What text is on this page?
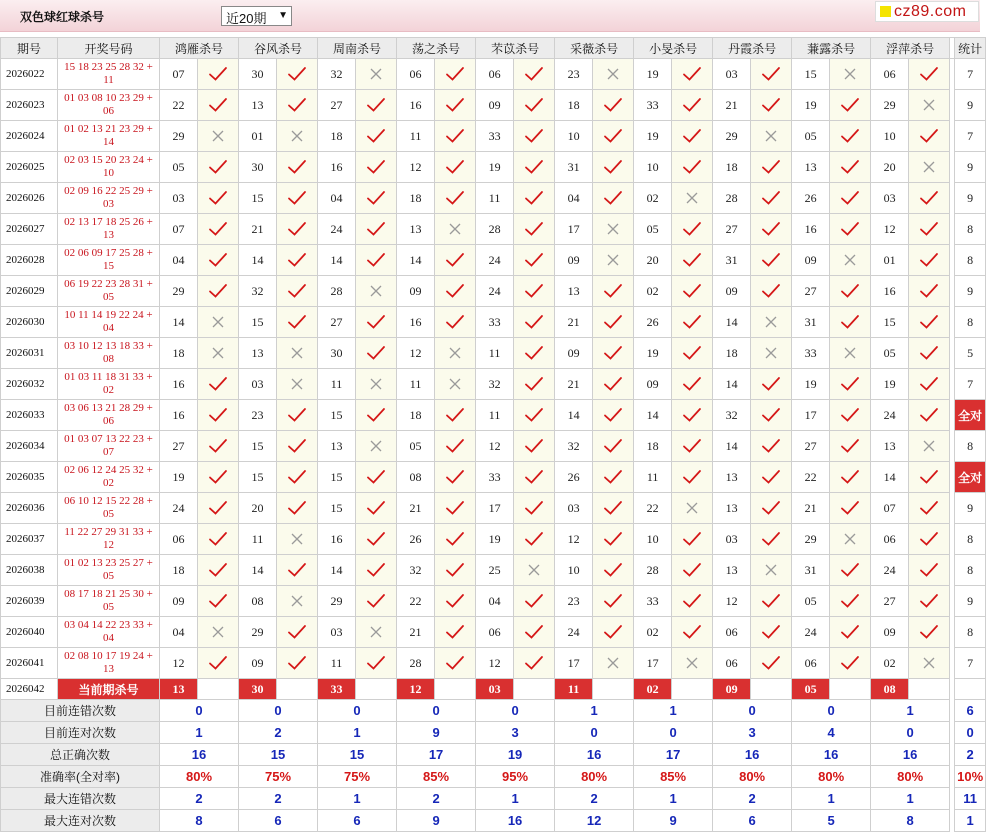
双色球红球杀号	近20期 ▼	cz89.com
期号	开奖号码	鸿雁杀号		谷风杀号		周南杀号		荡之杀号		芣苡杀号		采薇杀号		小旻杀号		丹霞杀号		蒹露杀号		浮萍杀号			统计
2026022	15 18 23 25 28 32 + 11	07		30		32		06		06		23		19		03		15		06			7
2026023	01 03 08 10 23 29 + 06	22		13		27		16		09		18		33		21		19		29			9
2026024	01 02 13 21 23 29 + 14	29		01		18		11		33		10		19		29		05		10			7
2026025	02 03 15 20 23 24 + 10	05		30		16		12		19		31		10		18		13		20			9
2026026	02 09 16 22 25 29 + 03	03		15		04		18		11		04		02		28		26		03			9
2026027	02 13 17 18 25 26 + 13	07		21		24		13		28		17		05		27		16		12			8
2026028	02 06 09 17 25 28 + 15	04		14		14		14		24		09		20		31		09		01			8
2026029	06 19 22 23 28 31 + 05	29		32		28		09		24		13		02		09		27		16			9
2026030	10 11 14 19 22 24 + 04	14		15		27		16		33		21		26		14		31		15			8
2026031	03 10 12 13 18 33 + 08	18		13		30		12		11		09		19		18		33		05			5
2026032	01 03 11 18 31 33 + 02	16		03		11		11		32		21		09		14		19		19			7
2026033	03 06 13 21 28 29 + 06	16		23		15		18		11		14		14		32		17		24			全对
2026034	01 03 07 13 22 23 + 07	27		15		13		05		12		32		18		14		27		13			8
2026035	02 06 12 24 25 32 + 02	19		15		15		08		33		26		11		13		22		14			全对
2026036	06 10 12 15 22 28 + 05	24		20		15		21		17		03		22		13		21		07			9
2026037	11 22 27 29 31 33 + 12	06		11		16		26		19		12		10		03		29		06			8
2026038	01 02 13 23 25 27 + 05	18		14		14		32		25		10		28		13		31		24			8
2026039	08 17 18 21 25 30 + 05	09		08		29		22		04		23		33		12		05		27			9
2026040	03 04 14 22 23 33 + 04	04		29		03		21		06		24		02		06		24		09			8
2026041	02 08 10 17 19 24 + 13	12		09		11		28		12		17		17		06		06		02			7
2026042	当前期杀号	13		30		33		12		03		11		02		09		05		08			
目前连错次数		0		0		0		0		0		1		1		0		0		1			6
目前连对次数		1		2		1		9		3		0		0		3		4		0			0
总正确次数		16		15		15		17		19		16		17		16		16		16			2
准确率(全对率)		80%		75%		75%		85%		95%		80%		85%		80%		80%		80%			10%
最大连错次数		2		2		1		2		1		2		1		2		1		1			11
最大连对次数		8		6		6		9		16		12		9		6		5		8			1
